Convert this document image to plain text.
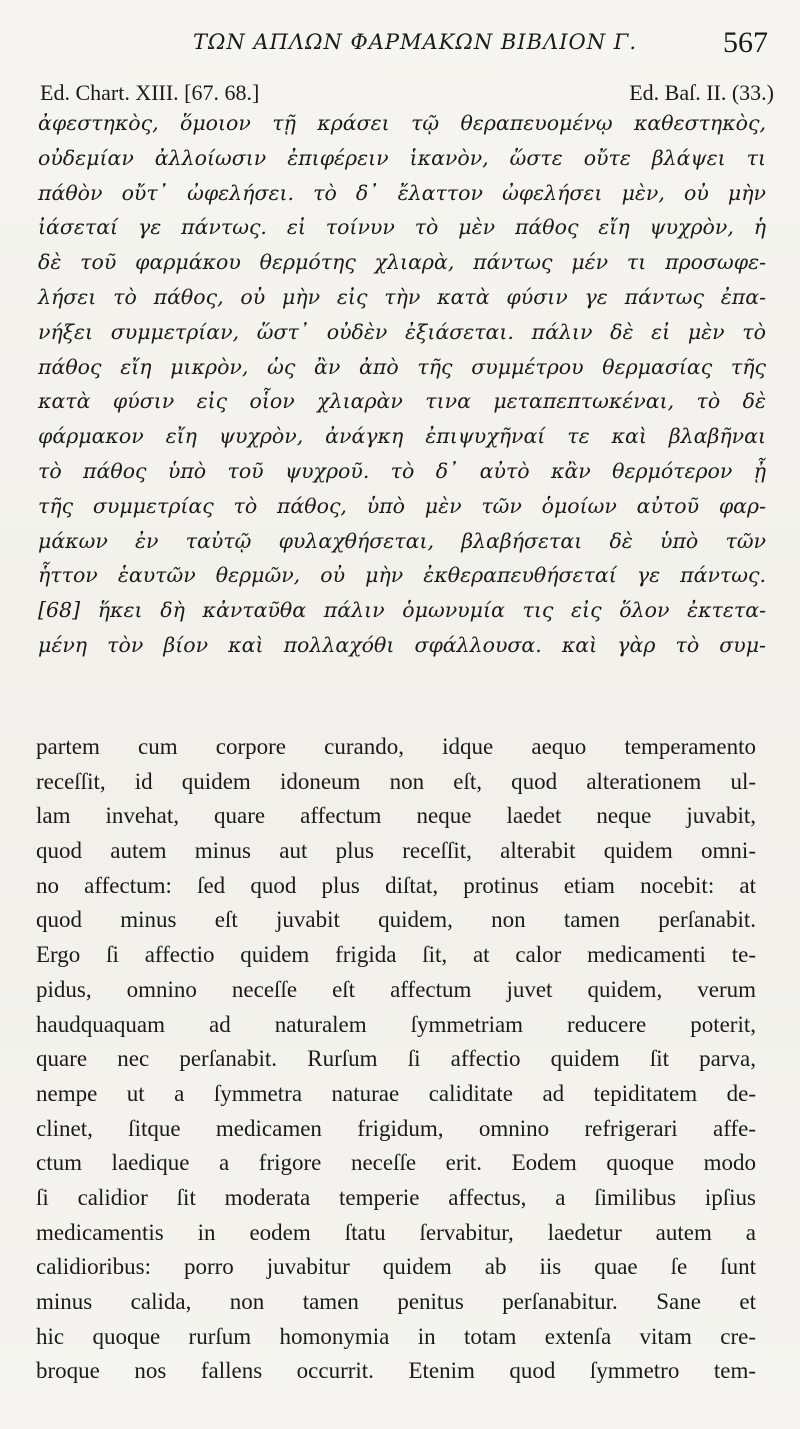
ΤΩΝ ΑΠΛΩΝ ΦΑΡΜΑΚΩΝ ΒΙΒΛΙΟΝ Γ.	567
Ed. Chart. XIII. [67. 68.]	Ed. Baſ. II. (33.)
ἀφεστηκὸς, ὅμοιον τῇ κράσει τῷ θεραπευομένῳ καθεστηκὸς,
οὐδεμίαν ἀλλοίωσιν ἐπιφέρειν ἱκανὸν, ὥστε οὔτε βλάψει τι
πάθὸν οὔτ᾽ ὠφελήσει. τὸ δ᾽ ἔλαττον ὠφελήσει μὲν, οὐ μὴν
ἰάσεταί γε πάντως. εἰ τοίνυν τὸ μὲν πάθος εἴη ψυχρὸν, ἡ
δὲ τοῦ φαρμάκου θερμότης χλιαρὰ, πάντως μέν τι προσωφε-
λήσει τὸ πάθος, οὐ μὴν εἰς τὴν κατὰ φύσιν γε πάντως ἐπα-
νήξει συμμετρίαν, ὥστ᾽ οὐδὲν ἐξιάσεται. πάλιν δὲ εἰ μὲν τὸ
πάθος εἴη μικρὸν, ὡς ἂν ἀπὸ τῆς συμμέτρου θερμασίας τῆς
κατὰ φύσιν εἰς οἷον χλιαρὰν τινα μεταπεπτωκέναι, τὸ δὲ
φάρμακον εἴη ψυχρὸν, ἀνάγκη ἐπιψυχῆναί τε καὶ βλαβῆναι
τὸ πάθος ὑπὸ τοῦ ψυχροῦ. τὸ δ᾽ αὐτὸ κἂν θερμότερον ᾖ
τῆς συμμετρίας τὸ πάθος, ὑπὸ μὲν τῶν ὁμοίων αὐτοῦ φαρ-
μάκων ἐν ταὐτῷ φυλαχθήσεται, βλαβήσεται δὲ ὑπὸ τῶν
ἧττον ἑαυτῶν θερμῶν, οὐ μὴν ἐκθεραπευθήσεταί γε πάντως.
[68] ἥκει δὴ κἀνταῦθα πάλιν ὁμωνυμία τις εἰς ὅλον ἐκτετα-
μένη τὸν βίον καὶ πολλαχόθι σφάλλουσα. καὶ γὰρ τὸ συμ-
partem cum corpore curando, idque aequo temperamento
receſſit, id quidem idoneum non eſt, quod alterationem ul-
lam invehat, quare affectum neque laedet neque juvabit,
quod autem minus aut plus receſſit, alterabit quidem omni-
no affectum: ſed quod plus diſtat, protinus etiam nocebit: at
quod minus eſt juvabit quidem, non tamen perſanabit.
Ergo ſi affectio quidem frigida ſit, at calor medicamenti te-
pidus, omnino neceſſe eſt affectum juvet quidem, verum
haudquaquam ad naturalem ſymmetriam reducere poterit,
quare nec perſanabit. Rurſum ſi affectio quidem ſit parva,
nempe ut a ſymmetra naturae caliditate ad tepiditatem de-
clinet, ſitque medicamen frigidum, omnino refrigerari affe-
ctum laedique a frigore neceſſe erit. Eodem quoque modo
ſi calidior ſit moderata temperie affectus, a ſimilibus ipſius
medicamentis in eodem ſtatu ſervabitur, laedetur autem a
calidioribus: porro juvabitur quidem ab iis quae ſe ſunt
minus calida, non tamen penitus perſanabitur. Sane et
hic quoque rurſum homonymia in totam extenſa vitam cre-
broque nos fallens occurrit. Etenim quod ſymmetro tem-
